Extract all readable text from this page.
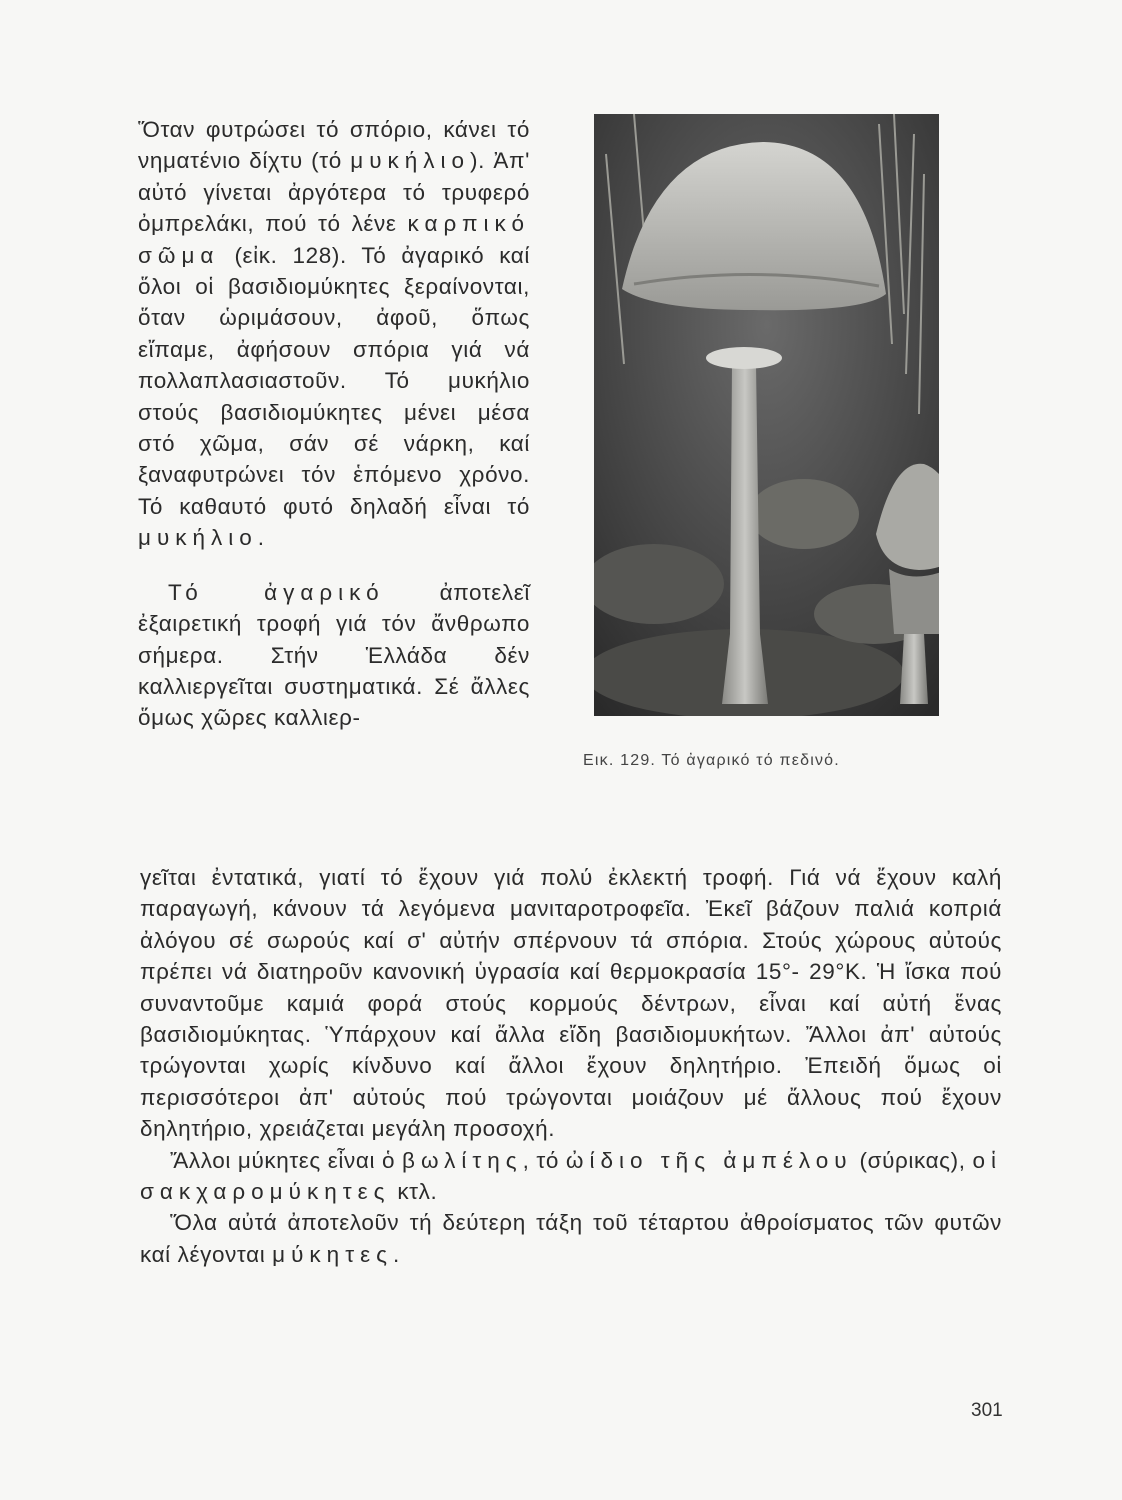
Ὅταν φυτρώσει τό σπόριο, κάνει τό νηματένιο δίχτυ (τό μυκήλιο). Ἀπ' αὐτό γίνεται ἀργότερα τό τρυφερό ὀμπρελάκι, πού τό λένε καρπικό σῶμα (εἰκ. 128). Τό ἀγαρικό καί ὅλοι οἱ βασιδιομύκητες ξεραίνονται, ὅταν ὡριμάσουν, ἀφοῦ, ὅπως εἴπαμε, ἀφήσουν σπόρια γιά νά πολλαπλασιαστοῦν. Τό μυκήλιο στούς βασιδιομύκητες μένει μέσα στό χῶμα, σάν σέ νάρκη, καί ξαναφυτρώνει τόν ἑπόμενο χρόνο. Τό καθαυτό φυτό δηλαδή εἶναι τό μυκήλιο.

Τό ἀγαρικό ἀποτελεῖ ἐξαιρετική τροφή γιά τόν ἄνθρωπο σήμερα. Στήν Ἑλλάδα δέν καλλιεργεῖται συστηματικά. Σέ ἄλλες ὅμως χῶρες καλλιερ-

Εικ. 129. Τό ἀγαρικό τό πεδινό.

γεῖται ἐντατικά, γιατί τό ἔχουν γιά πολύ ἐκλεκτή τροφή. Γιά νά ἔχουν καλή παραγωγή, κάνουν τά λεγόμενα μανιταροτροφεῖα. Ἐκεῖ βάζουν παλιά κοπριά ἀλόγου σέ σωρούς καί σ' αὐτήν σπέρνουν τά σπόρια. Στούς χώρους αὐτούς πρέπει νά διατηροῦν κανονική ὑγρασία καί θερμοκρασία 15°- 29°Κ. Ἡ ἴσκα πού συναντοῦμε καμιά φορά στούς κορμούς δέντρων, εἶναι καί αὐτή ἕνας βασιδιομύκητας. Ὑπάρχουν καί ἄλλα εἴδη βασιδιομυκήτων. Ἄλλοι ἀπ' αὐτούς τρώγονται χωρίς κίνδυνο καί ἄλλοι ἔχουν δηλητήριο. Ἐπειδή ὅμως οἱ περισσότεροι ἀπ' αὐτούς πού τρώγονται μοιάζουν μέ ἄλλους πού ἔχουν δηλητήριο, χρειάζεται μεγάλη προσοχή.

Ἄλλοι μύκητες εἶναι ὁ βωλίτης, τό ὠίδιο τῆς ἀμπέλου (σύρικας), οἱ σακχαρομύκητες κτλ.

Ὅλα αὐτά ἀποτελοῦν τή δεύτερη τάξη τοῦ τέταρτου ἀθροίσματος τῶν φυτῶν καί λέγονται μύκητες.

301
